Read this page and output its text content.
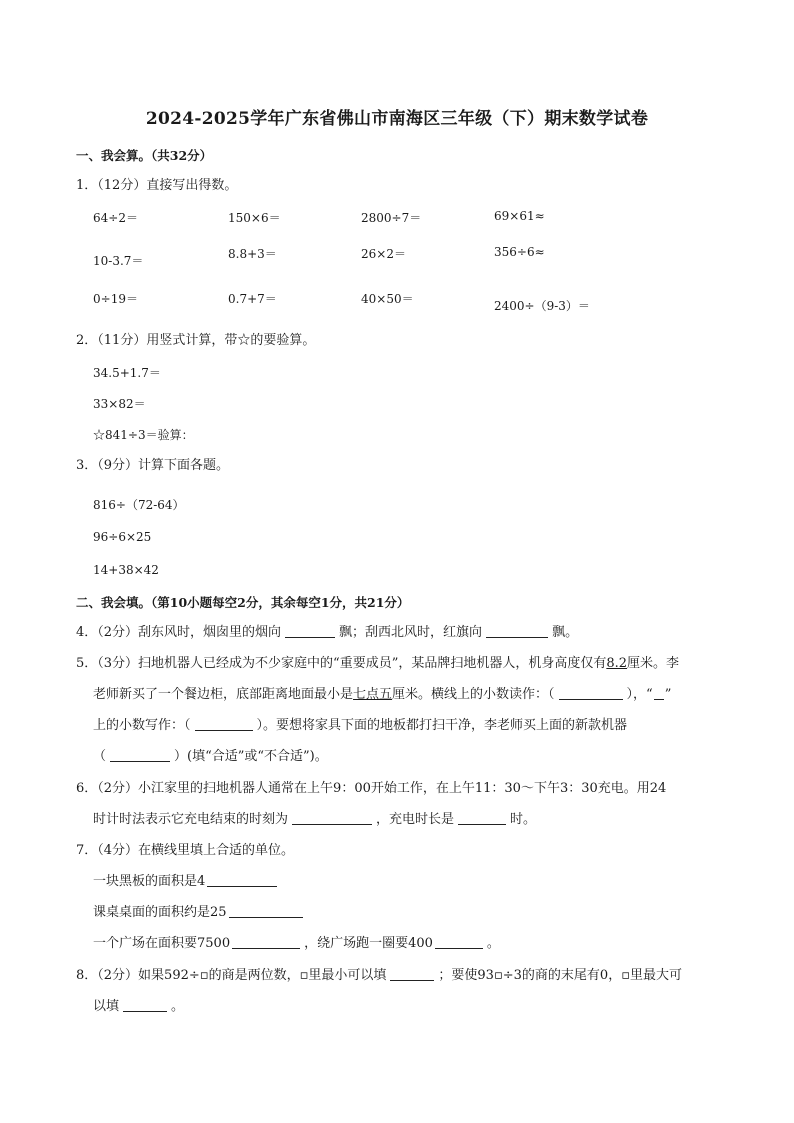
2024-2025学年广东省佛山市南海区三年级（下）期末数学试卷
一、我会算。（共32分）
1．（12分）直接写出得数。
64÷2＝	150×6＝	2800÷7＝	69×61≈
10-3.7＝	8.8+3＝	26×2＝	356÷6≈
0÷19＝	0.7+7＝	40×50＝	2400÷（9-3）＝
2．（11分）用竖式计算，带☆的要验算。
34.5+1.7＝
33×82＝
☆841÷3＝验算：
3．（9分）计算下面各题。
816÷（72-64）
96÷6×25
14+38×42
二、我会填。（第10小题每空2分，其余每空1分，共21分）
4．（2分）刮东风时，烟囱里的烟向	飘；刮西北风时，红旗向	飘。
5．（3分）扫地机器人已经成为不少家庭中的“重要成员”，某品牌扫地机器人，机身高度仅有8.2厘米。李
老师新买了一个餐边柜，底部距离地面最小是七点五厘米。横线上的小数读作：（	），“ ”
上的小数写作：（	）。要想将家具下面的地板都打扫干净，李老师买上面的新款机器
（	）(填“合适”或“不合适”)。
6．（2分）小江家里的扫地机器人通常在上午9：00开始工作，在上午11：30～下午3：30充电。用24
时计时法表示它充电结束的时刻为	，充电时长是	时。
7．（4分）在横线里填上合适的单位。
一块黑板的面积是4
课桌桌面的面积约是25
一个广场在面积要7500	，绕广场跑一圈要400	。
8．（2分）如果592÷▫的商是两位数，▫里最小可以填	；要使93▫÷3的商的末尾有0，▫里最大可
以填	。
